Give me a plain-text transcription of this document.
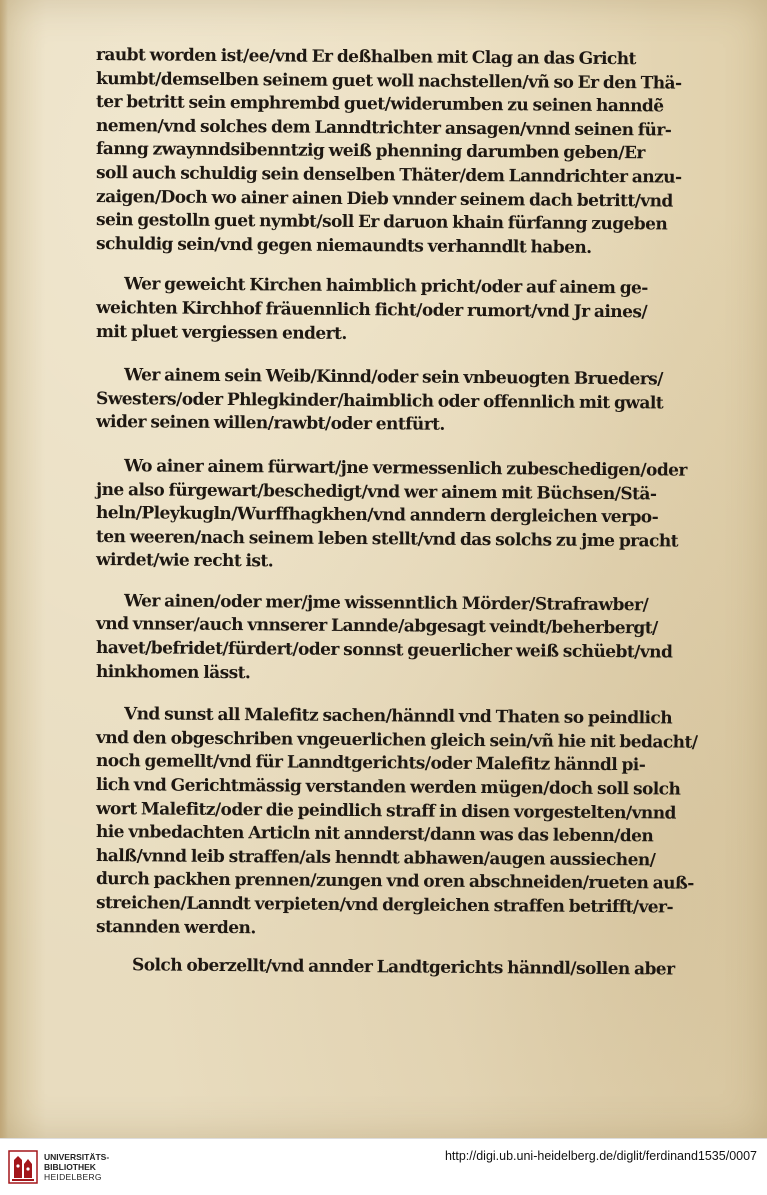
raubt worden ist/ee/vnd Er deßhalben mit Clag an das Gricht
kumbt/demselben seinem guet woll nachstellen/vñ so Er den Thä-
ter betritt sein emphrembd guet/widerumben zu seinen hanndẽ
nemen/vnd solches dem Lanndtrichter ansagen/vnnd seinen für-
fanng zwaynndsibenntzig weiß phenning darumben geben/Er
soll auch schuldig sein denselben Thäter/dem Lanndrichter anzu-
zaigen/Doch wo ainer ainen Dieb vnnder seinem dach betritt/vnd
sein gestolln guet nymbt/soll Er daruon khain fürfanng zugeben
schuldig sein/vnd gegen niemaundts verhanndlt haben.
Wer geweicht Kirchen haimblich pricht/oder auf ainem ge-
weichten Kirchhof fräuennlich ficht/oder rumort/vnd Jr aines/
mit pluet vergiessen endert.
Wer ainem sein Weib/Kinnd/oder sein vnbeuogten Brueders/
Swesters/oder Phlegkinder/haimblich oder offennlich mit gwalt
wider seinen willen/rawbt/oder entfürt.
Wo ainer ainem fürwart/jne vermessenlich zubeschedigen/oder
jne also fürgewart/beschedigt/vnd wer ainem mit Büchsen/Stä-
heln/Pleykugln/Wurffhagkhen/vnd anndern dergleichen verpo-
ten weeren/nach seinem leben stellt/vnd das solchs zu jme pracht
wirdet/wie recht ist.
Wer ainen/oder mer/jme wissenntlich Mörder/Strafrawber/
vnd vnnser/auch vnnserer Lannde/abgesagt veindt/beherbergt/
havet/befridet/fürdert/oder sonnst geuerlicher weiß schüebt/vnd
hinkhomen lässt.
Vnd sunst all Malefitz sachen/hänndl vnd Thaten so peindlich
vnd den obgeschriben vngeuerlichen gleich sein/vñ hie nit bedacht/
noch gemellt/vnd für Lanndtgerichts/oder Malefitz hänndl pi-
lich vnd Gerichtmässig verstanden werden mügen/doch soll solch
wort Malefitz/oder die peindlich straff in disen vorgestelten/vnnd
hie vnbedachten Articln nit annderst/dann was das lebenn/den
halß/vnnd leib straffen/als henndt abhawen/augen aussiechen/
durch packhen prennen/zungen vnd oren abschneiden/rueten auß-
streichen/Lanndt verpieten/vnd dergleichen straffen betrifft/ver-
stannden werden.
Solch oberzellt/vnd annder Landtgerichts hänndl/sollen aber
UNIVERSITÄTS-
BIBLIOTHEK
HEIDELBERG
http://digi.ub.uni-heidelberg.de/diglit/ferdinand1535/0007
